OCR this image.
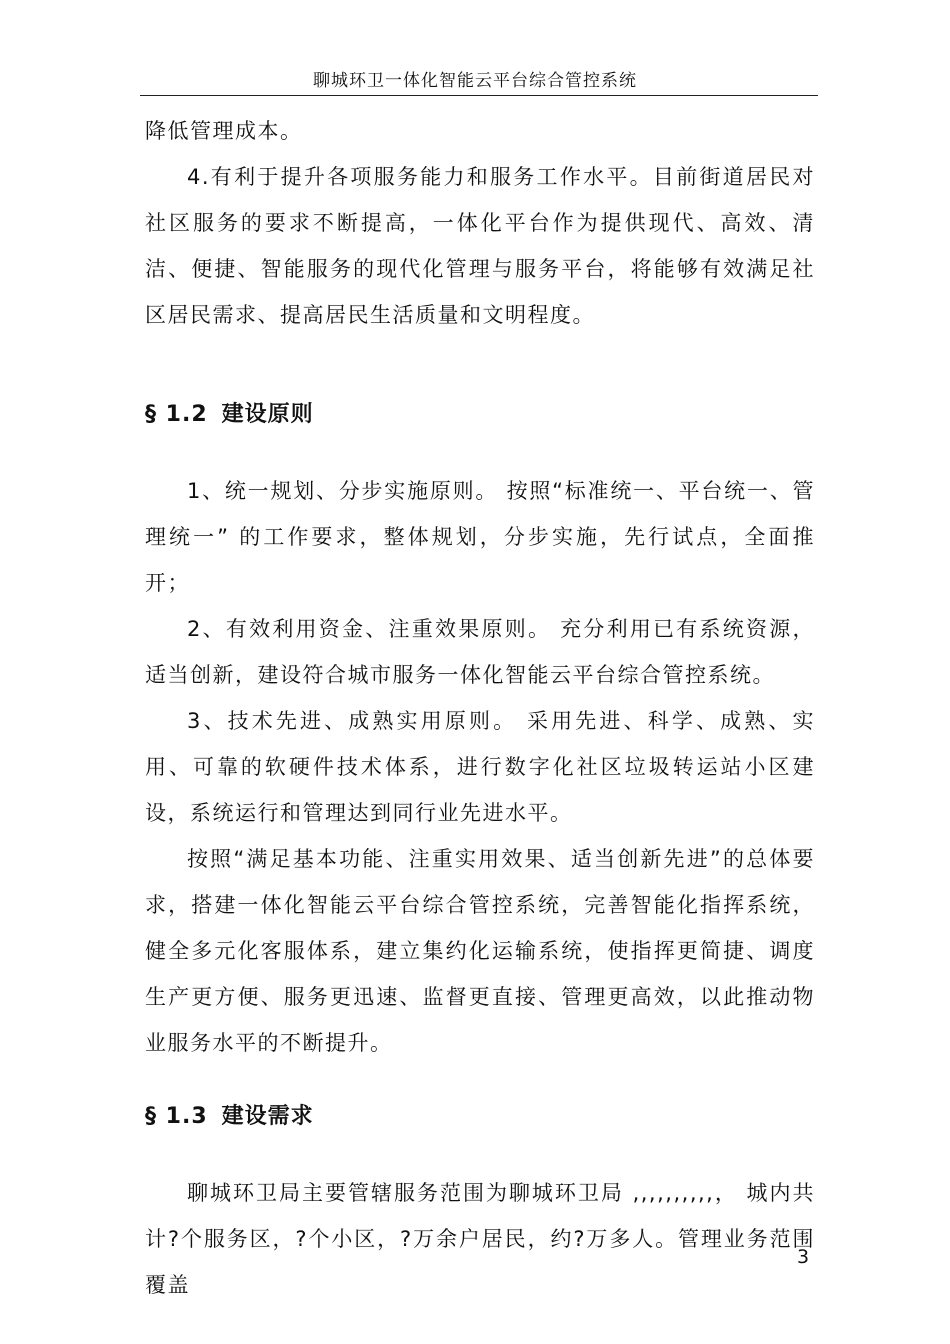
聊城环卫一体化智能云平台综合管控系统

降低管理成本。

4.有利于提升各项服务能力和服务工作水平。目前街道居民对社区服务的要求不断提高，一体化平台作为提供现代、高效、清洁、便捷、智能服务的现代化管理与服务平台，将能够有效满足社区居民需求、提高居民生活质量和文明程度。

§ 1.2 建设原则

1、统一规划、分步实施原则。 按照“标准统一、平台统一、管理统一” 的工作要求，整体规划，分步实施，先行试点，全面推开；

2、有效利用资金、注重效果原则。 充分利用已有系统资源，适当创新，建设符合城市服务一体化智能云平台综合管控系统。

3、技术先进、成熟实用原则。 采用先进、科学、成熟、实用、可靠的软硬件技术体系，进行数字化社区垃圾转运站小区建设，系统运行和管理达到同行业先进水平。

按照“满足基本功能、注重实用效果、适当创新先进”的总体要求，搭建一体化智能云平台综合管控系统，完善智能化指挥系统，健全多元化客服体系，建立集约化运输系统，使指挥更简捷、调度生产更方便、服务更迅速、监督更直接、管理更高效，以此推动物业服务水平的不断提升。

§ 1.3 建设需求

聊城环卫局主要管辖服务范围为聊城环卫局 ,,,,,,,,,,， 城内共计?个服务区，?个小区，?万余户居民，约?万多人。管理业务范围覆盖

3
